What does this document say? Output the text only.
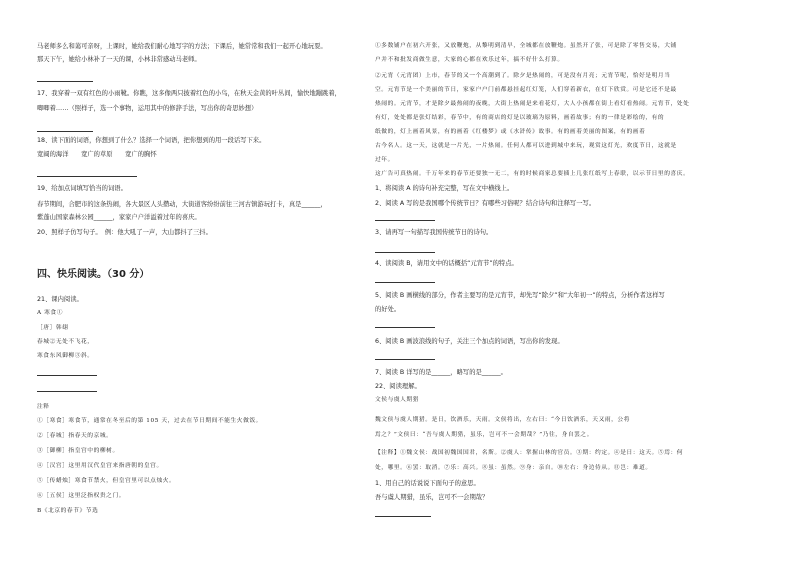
马老师多么和蔼可亲呀，上课时，她给我们耐心地写字的方法；下课后，她常常和我们一起开心地玩耍。
那天下午，她给小林补了一天的课，小林非常感动马老师。
17、我穿着一双有红色的小雨靴。你瞧，这多像两只披着红色的小鸟，在秋天金黄的叶丛间，愉快地蹦跳着，
唧唧着……（照样子，选一个事物，运用其中的修辞手法，写出你的奇思妙想）
18、读下面的词语，你想到了什么？选择一个词语，把你想到的用一段话写下来。
宽阔的海洋　　宽广的草原　　宽广的胸怀
19、给加点词填写恰当的词语。
春节期间，合肥市的这条热闹，各大景区人头攒动，大街道客纷纷前往三河古镇游玩打卡，真是______，
紫蓬山国家森林公园______，家家户户洋溢着过年的喜庆。
20、照样子仿写句子。　例：他大吼了一声，大山都抖了三抖。
四、快乐阅读。（30 分）
21、课内阅读。
A 寒食①
［唐］韩翃
春城②无处不飞花，
寒食东风御柳③斜。
注释
①［寒食］寒食节，通常在冬至后的第 105 天，过去在节日期间不能生火做饭。
②［春城］指春天的京城。
③［御柳］指皇宫中的柳树。
④［汉宫］这里用汉代皇宫来指唐朝的皇宫。
⑤［传蜡烛］寒食节禁火，但皇宫里可以点烛火。
⑥［五侯］这里泛指权贵之门。
B《北京的春节》节选
①多数铺户在初六开张，又放鞭炮，从黎明到清早，全城都在放鞭炮。虽然开了张，可是除了零售交易，大铺
户并不和批发商做生意，大家的心都在欢乐过年，搞不好什么打算。
②元宵（元宵团）上市，春节的又一个高潮到了。除夕是热闹的，可是没有月亮；元宵节呢，恰好是明月当
空。元宵节是一个美丽的节日，家家户户门前都悬挂起红灯笼，人们穿着新衣，在灯下欣赏。可是它还不是最
热闹的。元宵节，才是除夕最热闹的夜晚，大街上热闹是来看花灯，大人小孩都在街上看灯看热闹。元宵节，处处
有灯，处处都是张灯结彩，春节中，有的商店的灯是以玻璃为原料，画着故事；有的一律是彩绘的，有的
纸做的，灯上画着风景，有的画着《红楼梦》或《水浒传》故事。有的画着美丽的图案，有的画着
古今名人。这一天，这就是一片光，一片热闹。任何人都可以进到城中来玩，观赏这灯光，欢度节日，这就是
过年。
这广告可真热闹。千万年来的春节还要独一无二，有的时候商家总要插上几张红纸写上春联，以示节日里的喜庆。
1、将阅读 A 的诗句补充完整，写在文中横线上。
2、阅读 A 写的是我国哪个传统节日？有哪些习俗呢？结合诗句和注释写一写。
3、请再写一句描写我国传统节日的诗句。
4、读阅读 B，请用文中的话概括“元宵节”的特点。
5、阅读 B 画横线的部分，作者主要写的是元宵节，却先写“除夕”和“大年初一”的特点，分析作者这样写
的好处。
6、阅读 B 画波浪线的句子，关注三个加点的词语，写出你的发现。
7、阅读 B 详写的是______，略写的是______。
22、阅读理解。
文侯与虞人期猎
魏文侯与虞人期猎。是日，饮酒乐，天雨。文侯将出，左右曰：“今日饮酒乐，天又雨，公将
焉之？”文侯曰：“吾与虞人期猎，虽乐，岂可不一会期哉？”乃往，身自罢之。
【注释】①魏文侯：战国初魏国国君，名斯。②虞人：掌握山林的官员。③期：约定。④是日：这天。⑤焉：何
处，哪里。⑥罢：取消。⑦乐：高兴。⑧虽：虽然。⑨身：亲自。⑩左右：身边侍从。⑪岂：难道。
1、用自己的话说说下面句子的意思。
吾与虞人期猎，虽乐，岂可不一会期哉？
